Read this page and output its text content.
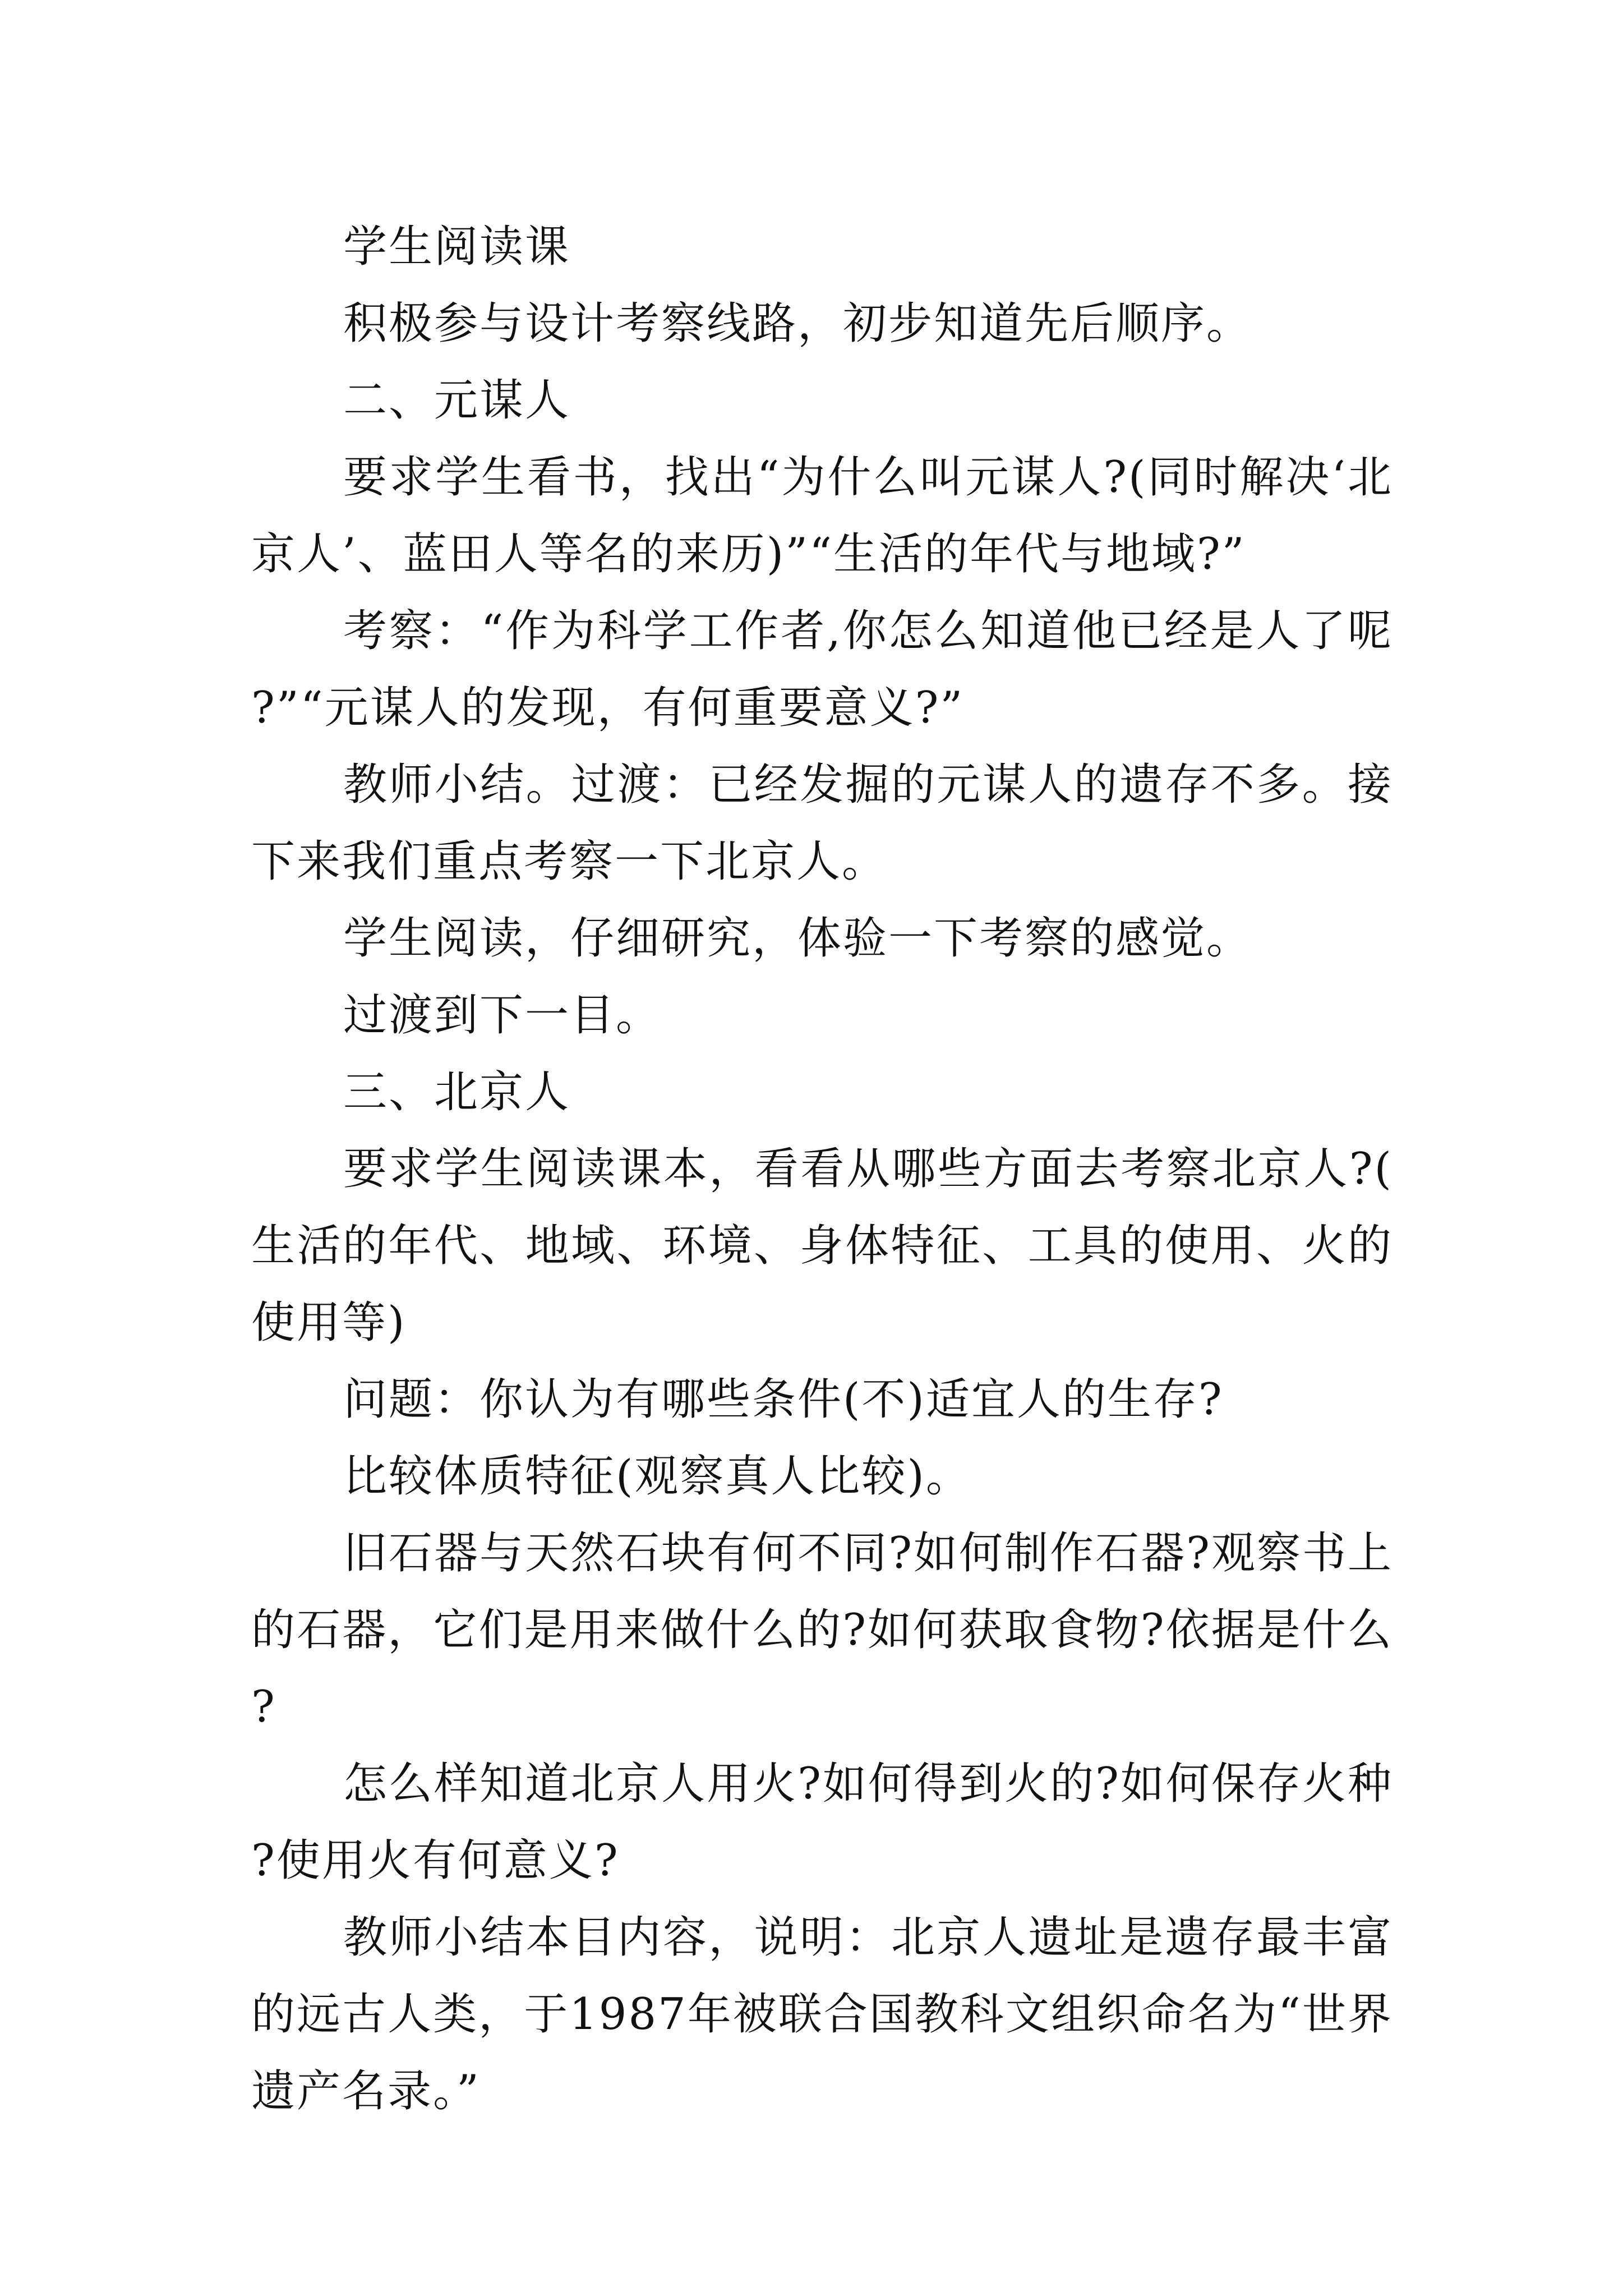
学生阅读课

积极参与设计考察线路，初步知道先后顺序。

二、元谋人

要求学生看书，找出“为什么叫元谋人?(同时解决‘北京人’、蓝田人等名的来历)”“生活的年代与地域?”

考察：“作为科学工作者,你怎么知道他已经是人了呢?”“元谋人的发现，有何重要意义?”

教师小结。过渡：已经发掘的元谋人的遗存不多。接下来我们重点考察一下北京人。

学生阅读，仔细研究，体验一下考察的感觉。

过渡到下一目。

三、北京人

要求学生阅读课本，看看从哪些方面去考察北京人?(生活的年代、地域、环境、身体特征、工具的使用、火的使用等)

问题：你认为有哪些条件(不)适宜人的生存?

比较体质特征(观察真人比较)。

旧石器与天然石块有何不同?如何制作石器?观察书上的石器，它们是用来做什么的?如何获取食物?依据是什么?

怎么样知道北京人用火?如何得到火的?如何保存火种?使用火有何意义?

教师小结本目内容，说明：北京人遗址是遗存最丰富的远古人类，于1987年被联合国教科文组织命名为“世界遗产名录。”
